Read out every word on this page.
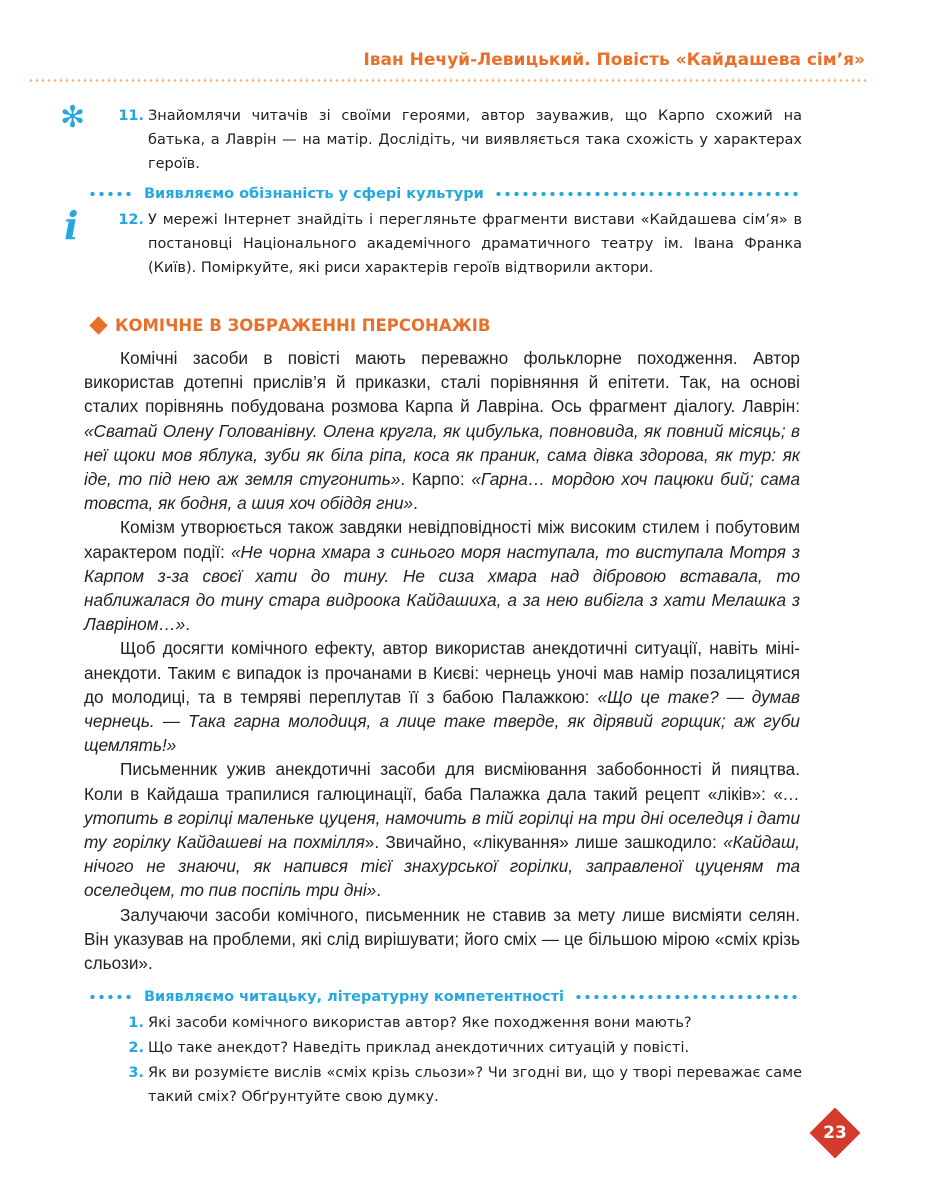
Іван Нечуй-Левицький. Повість «Кайдашева сім’я»
✻	11. Знайомлячи читачів зі своїми героями, автор зауважив, що Карпо схожий на батька, а Лаврін — на матір. Дослідіть, чи виявляється така схожість у характерах героїв.
Виявляємо обізнаність у сфері культури
i	12. У мережі Інтернет знайдіть і перегляньте фрагменти вистави «Кайдашева сім’я» в постановці Національного академічного драматичного театру ім. Івана Франка (Київ). Поміркуйте, які риси характерів героїв відтворили актори.
КОМІЧНЕ В ЗОБРАЖЕННІ ПЕРСОНАЖІВ

Комічні засоби в повісті мають переважно фольклорне походження. Автор використав дотепні прислів’я й приказки, сталі порівняння й епітети. Так, на основі сталих порівнянь побудована розмова Карпа й Лавріна. Ось фрагмент діалогу. Лаврін: «Сватай Олену Голованівну. Олена кругла, як цибулька, повновида, як повний місяць; в неї щоки мов яблука, зуби як біла ріпа, коса як праник, сама дівка здорова, як тур: як іде, то під нею аж земля стугонить». Карпо: «Гарна… мордою хоч пацюки бий; сама товста, як бодня, а шия хоч обіддя гни».

Комізм утворюється також завдяки невідповідності між високим стилем і побутовим характером події: «Не чорна хмара з синього моря наступала, то виступала Мотря з Карпом з-за своєї хати до тину. Не сиза хмара над дібровою вставала, то наближалася до тину стара видроока Кайдашиха, а за нею вибігла з хати Мелашка з Лавріном…».

Щоб досягти комічного ефекту, автор використав анекдотичні ситуації, навіть міні-анекдоти. Таким є випадок із прочанами в Києві: чернець уночі мав намір позалицятися до молодиці, та в темряві переплутав її з бабою Палажкою: «Що це таке? — думав чернець. — Така гарна молодиця, а лице таке тверде, як дірявий горщик; аж губи щемлять!»

Письменник ужив анекдотичні засоби для висміювання забобонності й пияцтва. Коли в Кайдаша трапилися галюцинації, баба Палажка дала такий рецепт «ліків»: «…утопить в горілці маленьке цуценя, намочить в тій горілці на три дні оселедця і дати ту горілку Кайдашеві на похмілля». Звичайно, «лікування» лише зашкодило: «Кайдаш, нічого не знаючи, як напився тієї знахурської горілки, заправленої цуценям та оселедцем, то пив поспіль три дні».

Залучаючи засоби комічного, письменник не ставив за мету лише висміяти селян. Він указував на проблеми, які слід вирішувати; його сміх — це більшою мірою «сміх крізь сльози».

Виявляємо читацьку, літературну компетентності
1. Які засоби комічного використав автор? Яке походження вони мають?
2. Що таке анекдот? Наведіть приклад анекдотичних ситуацій у повісті.
3. Як ви розумієте вислів «сміх крізь сльози»? Чи згодні ви, що у творі переважає саме такий сміх? Обґрунтуйте свою думку.
23
